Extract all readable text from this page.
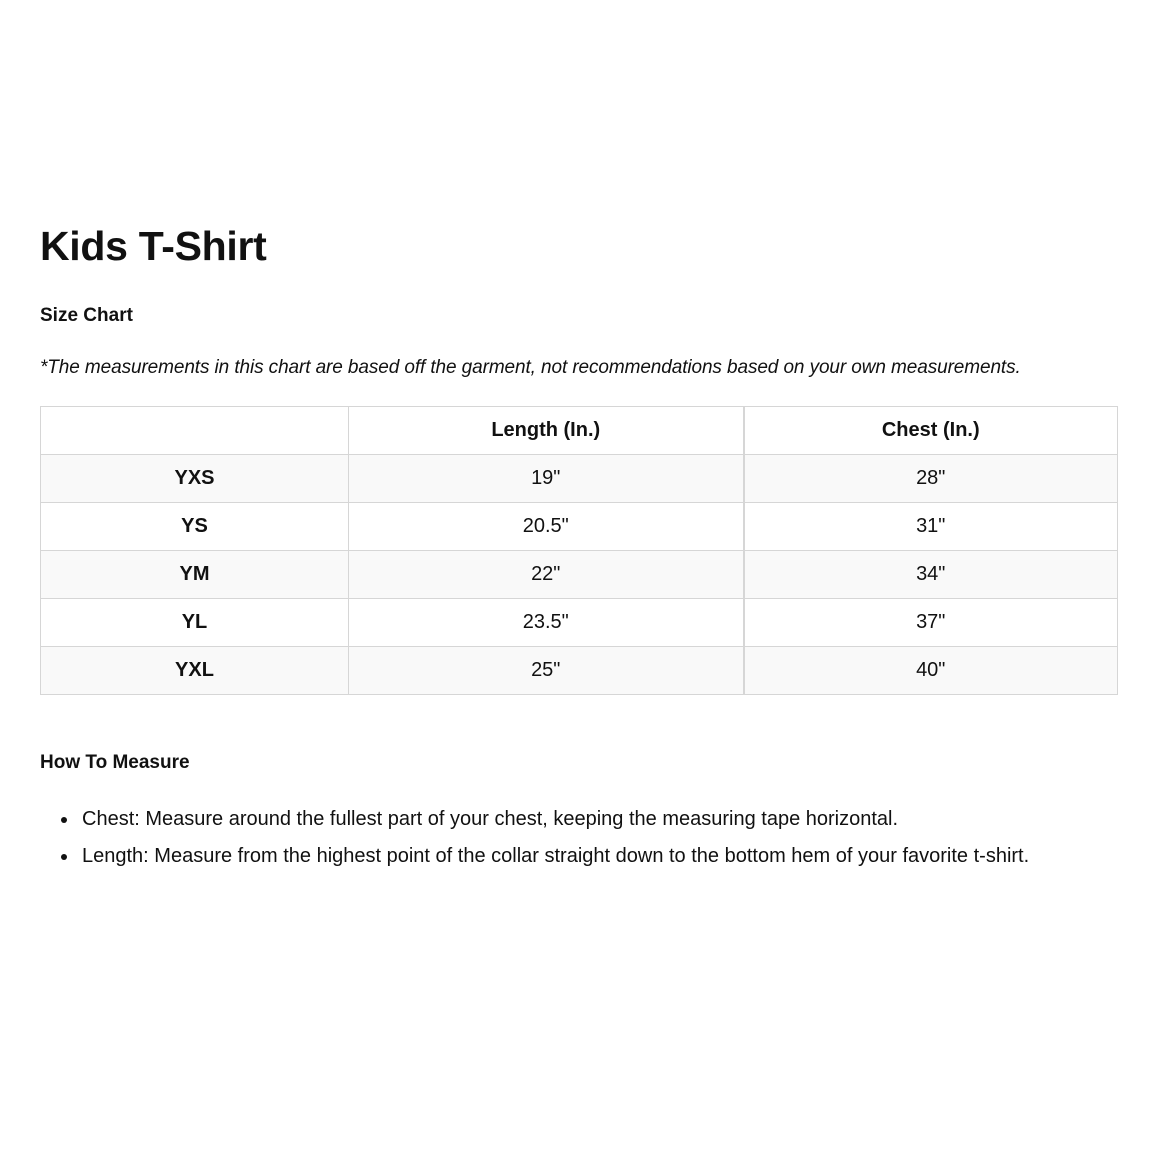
Kids T-Shirt
Size Chart

*The measurements in this chart are based off the garment, not recommendations based on your own measurements.

	Length (In.)	Chest (In.)
YXS	19"	28"
YS	20.5"	31"
YM	22"	34"
YL	23.5"	37"
YXL	25"	40"
How To Measure
Chest: Measure around the fullest part of your chest, keeping the measuring tape horizontal.
Length: Measure from the highest point of the collar straight down to the bottom hem of your favorite t-shirt.
